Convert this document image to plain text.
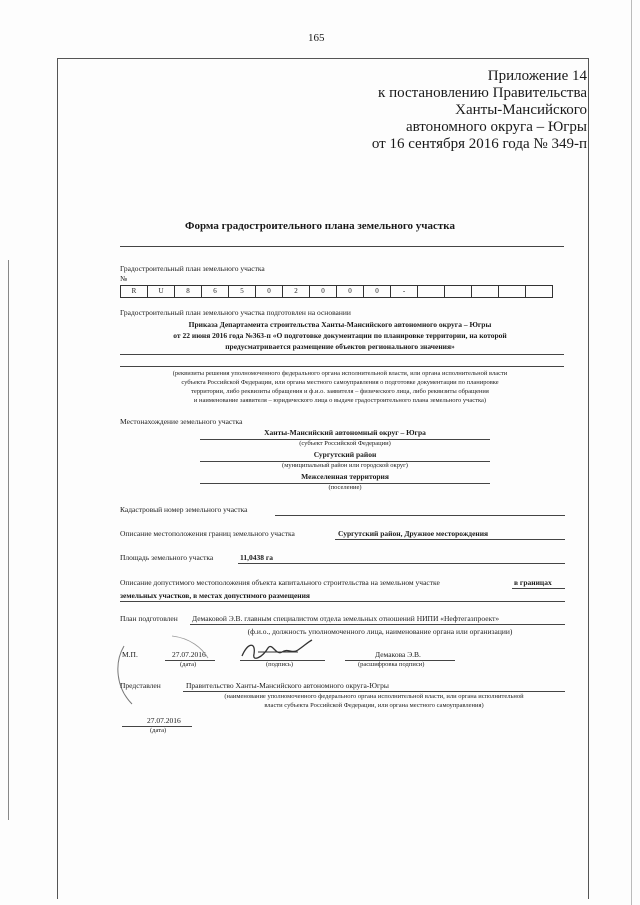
165
Приложение 14
к постановлению Правительства
Ханты-Мансийского
автономного округа – Югры
от 16 сентября 2016 года № 349-п
Форма градостроительного плана земельного участка
Градостроительный план земельного участка
№
R	U	8	6	5	0	2	0	0	0	-
Градостроительный план земельного участка подготовлен на основании
Приказа Департамента строительства Ханты-Мансийского автономного округа – Югры
от 22 июня 2016 года №363-п «О подготовке документации по планировке территории, на которой
предусматривается размещение объектов регионального значения»
(реквизиты решения уполномоченного федерального органа исполнительной власти, или органа исполнительной власти
субъекта Российской Федерации, или органа местного самоуправления о подготовке документации по планировке
территории, либо реквизиты обращения и ф.и.о. заявителя – физического лица, либо реквизиты обращения
и наименование заявителя – юридического лица о выдаче градостроительного плана земельного участка)
Местонахождение земельного участка
Ханты-Мансийский автономный округ – Югра
(субъект Российской Федерации)
Сургутский район
(муниципальный район или городской округ)
Межселенная территория
(поселение)
Кадастровый номер земельного участка
Описание местоположения границ земельного участка	Сургутский район, Дружное месторождения
Площадь земельного участка	11,0438 га
Описание допустимого местоположения объекта капитального строительства на земельном участке	в границах
земельных участков, в местах допустимого размещения
План подготовлен Демаковой Э.В. главным специалистом отдела земельных отношений НИПИ «Нефтегазпроект»
(ф.и.о., должность уполномоченного лица, наименование органа или организации)
М.П.	27.07.2016
(дата)	(подпись)
Демакова Э.В.
(расшифровка подписи)
Представлен	Правительство Ханты-Мансийского автономного округа-Югры
(наименование уполномоченного федерального органа исполнительной власти, или органа исполнительной
власти субъекта Российской Федерации, или органа местного самоуправления)
27.07.2016
(дата)
